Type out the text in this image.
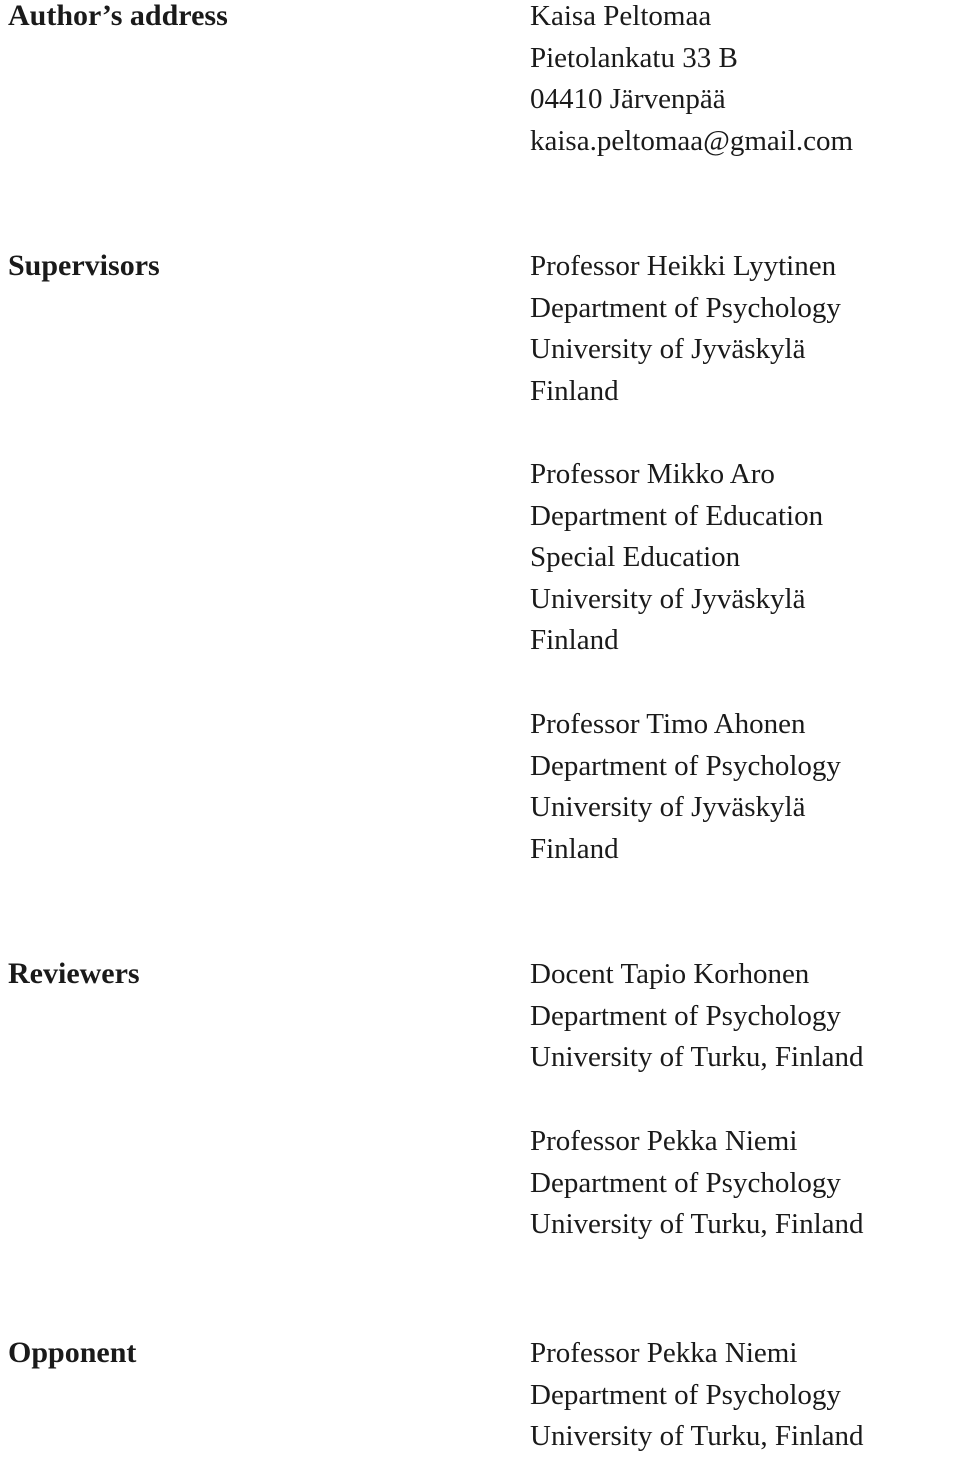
Author’s address	Kaisa Peltomaa
Pietolankatu 33 B
04410 Järvenpää
kaisa.peltomaa@gmail.com
Supervisors	Professor Heikki Lyytinen
Department of Psychology
University of Jyväskylä
Finland
Professor Mikko Aro
Department of Education
Special Education
University of Jyväskylä
Finland
Professor Timo Ahonen
Department of Psychology
University of Jyväskylä
Finland
Reviewers	Docent Tapio Korhonen
Department of Psychology
University of Turku, Finland
Professor Pekka Niemi
Department of Psychology
University of Turku, Finland
Opponent	Professor Pekka Niemi
Department of Psychology
University of Turku, Finland
